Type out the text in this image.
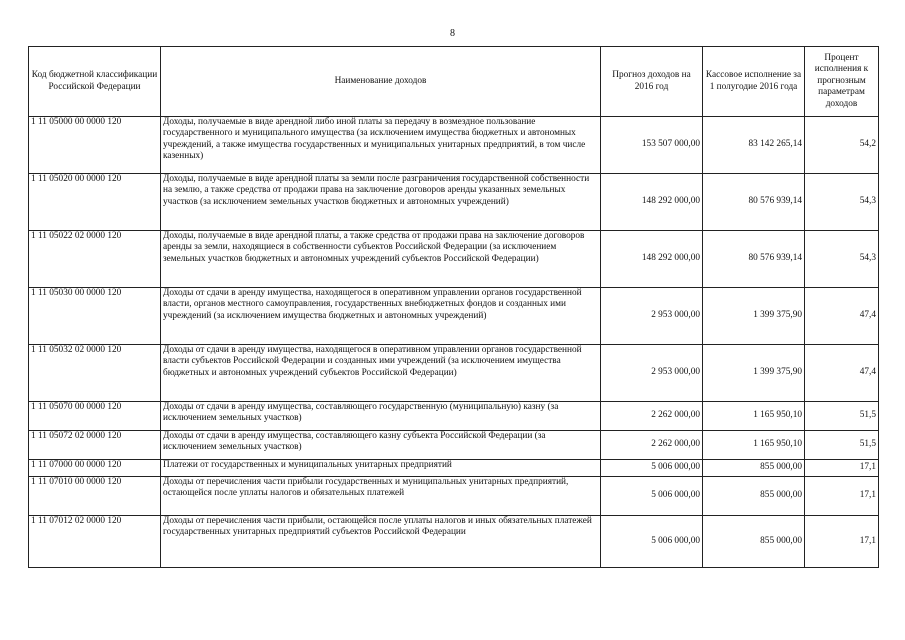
8
Код бюджетной классификации Российской Федерации	Наименование доходов	Прогноз доходов на 2016 год	Кассовое исполнение за 1 полугодие 2016 года	Процент исполнения к прогнозным параметрам доходов
1 11 05000 00 0000 120	Доходы, получаемые в виде арендной либо иной платы за передачу в возмездное пользование государственного и муниципального имущества (за исключением имущества бюджетных и автономных учреждений, а также имущества государственных и муниципальных унитарных предприятий, в том числе казенных)	153 507 000,00	83 142 265,14	54,2
1 11 05020 00 0000 120	Доходы, получаемые в виде арендной платы за земли после разграничения государственной собственности на землю, а также средства от продажи права на заключение договоров аренды указанных земельных участков (за исключением земельных участков бюджетных и автономных учреждений)	148 292 000,00	80 576 939,14	54,3
1 11 05022 02 0000 120	Доходы, получаемые в виде арендной платы, а также средства от продажи права на заключение договоров аренды за земли, находящиеся в собственности субъектов Российской Федерации (за исключением земельных участков бюджетных и автономных учреждений субъектов Российской Федерации)	148 292 000,00	80 576 939,14	54,3
1 11 05030 00 0000 120	Доходы от сдачи в аренду имущества, находящегося в оперативном управлении органов государственной власти, органов местного самоуправления, государственных внебюджетных фондов и созданных ими учреждений (за исключением имущества бюджетных и автономных учреждений)	2 953 000,00	1 399 375,90	47,4
1 11 05032 02 0000 120	Доходы от сдачи в аренду имущества, находящегося в оперативном управлении органов государственной власти субъектов Российской Федерации и созданных ими учреждений (за исключением имущества бюджетных и автономных учреждений субъектов Российской Федерации)	2 953 000,00	1 399 375,90	47,4
1 11 05070 00 0000 120	Доходы от сдачи в аренду имущества, составляющего государственную (муниципальную) казну (за исключением земельных участков)	2 262 000,00	1 165 950,10	51,5
1 11 05072 02 0000 120	Доходы от сдачи в аренду имущества, составляющего казну субъекта Российской Федерации (за исключением земельных участков)	2 262 000,00	1 165 950,10	51,5
1 11 07000 00 0000 120	Платежи от государственных и муниципальных унитарных предприятий	5 006 000,00	855 000,00	17,1
1 11 07010 00 0000 120	Доходы от перечисления части прибыли государственных и муниципальных унитарных предприятий, остающейся после уплаты налогов и обязательных платежей	5 006 000,00	855 000,00	17,1
1 11 07012 02 0000 120	Доходы от перечисления части прибыли, остающейся после уплаты налогов и иных обязательных платежей государственных унитарных предприятий субъектов Российской Федерации	5 006 000,00	855 000,00	17,1
